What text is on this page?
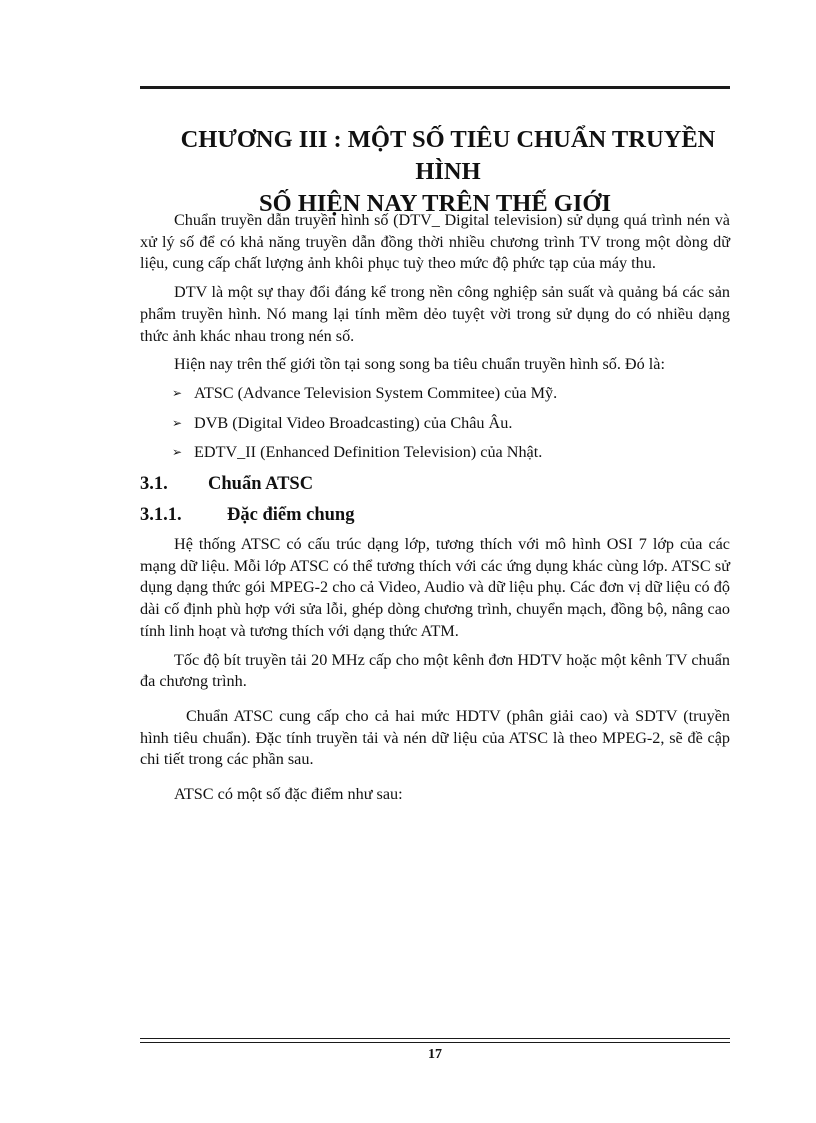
CHƯƠNG III : MỘT SỐ TIÊU CHUẨN TRUYỀN HÌNH
SỐ HIỆN NAY TRÊN THẾ GIỚI

Chuẩn truyền dẫn truyền hình số (DTV_ Digital television) sử dụng quá trình nén và xử lý số để có khả năng truyền dẫn đồng thời nhiều chương trình TV trong một dòng dữ liệu, cung cấp chất lượng ảnh khôi phục tuỳ theo mức độ phức tạp của máy thu.

DTV là một sự thay đổi đáng kể trong nền công nghiệp sản suất và quảng bá các sản phẩm truyền hình. Nó mang lại tính mềm dẻo tuyệt vời trong sử dụng do có nhiều dạng thức ảnh khác nhau trong nén số.

Hiện nay trên thế giới tồn tại song song ba tiêu chuẩn truyền hình số. Đó là:

➢ ATSC (Advance Television System Commitee) của Mỹ.
➢ DVB (Digital Video Broadcasting) của Châu Âu.
➢ EDTV_II (Enhanced Definition Television) của Nhật.
3.1.	Chuẩn ATSC
3.1.1.	Đặc điểm chung

Hệ thống ATSC có cấu trúc dạng lớp, tương thích với mô hình OSI 7 lớp của các mạng dữ liệu. Mỗi lớp ATSC có thể tương thích với các ứng dụng khác cùng lớp. ATSC sử dụng dạng thức gói MPEG-2 cho cả Video, Audio và dữ liệu phụ. Các đơn vị dữ liệu có độ dài cố định phù hợp với sửa lỗi, ghép dòng chương trình, chuyển mạch, đồng bộ, nâng cao tính linh hoạt và tương thích với dạng thức ATM.

Tốc độ bít truyền tải 20 MHz cấp cho một kênh đơn HDTV hoặc một kênh TV chuẩn đa chương trình.

Chuẩn ATSC cung cấp cho cả hai mức HDTV (phân giải cao) và SDTV (truyền hình tiêu chuẩn). Đặc tính truyền tải và nén dữ liệu của ATSC là theo MPEG-2, sẽ đề cập chi tiết trong các phần sau.

ATSC có một số đặc điểm như sau:

17
